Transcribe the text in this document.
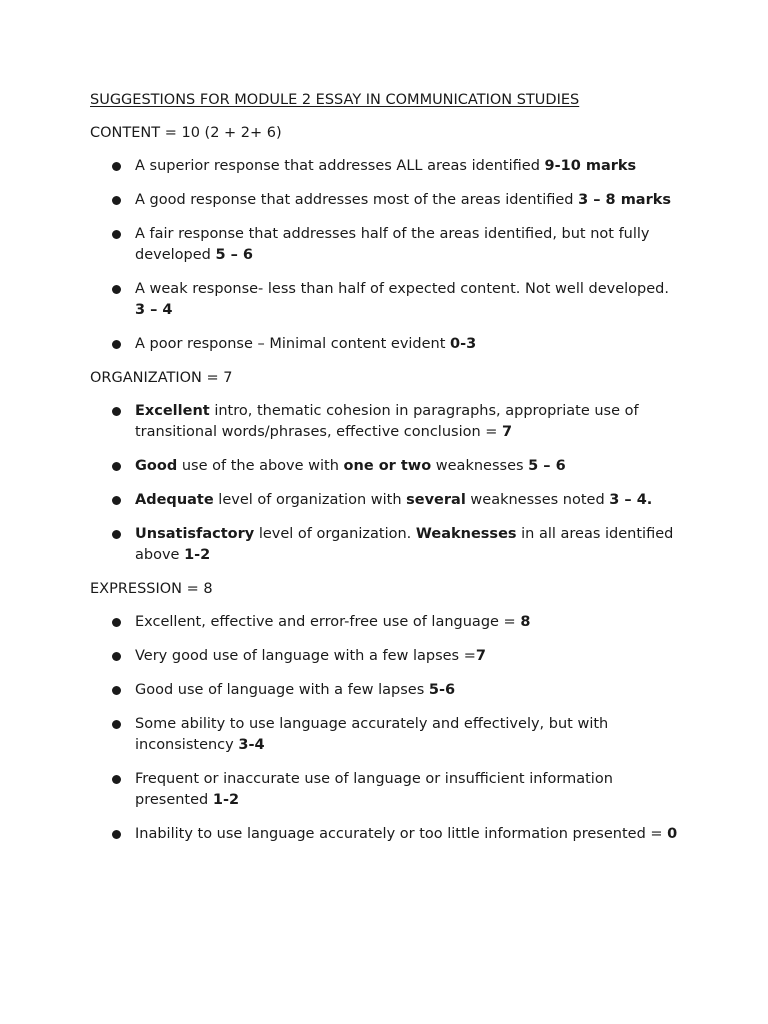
SUGGESTIONS FOR MODULE 2 ESSAY IN COMMUNICATION STUDIES
CONTENT = 10 (2 + 2+ 6)
A superior response that addresses ALL areas identified 9-10 marks
A good response that addresses most of the areas identified 3 – 8 marks
A fair response that addresses half of the areas identified, but not fully developed 5 – 6
A weak response- less than half of expected content. Not well developed. 3 – 4
A poor response – Minimal content evident 0-3
ORGANIZATION = 7
Excellent intro, thematic cohesion in paragraphs, appropriate use of transitional words/phrases, effective conclusion = 7
Good use of the above with one or two weaknesses 5 – 6
Adequate level of organization with several weaknesses noted 3 – 4.
Unsatisfactory level of organization. Weaknesses in all areas identified above 1-2
EXPRESSION = 8
Excellent, effective and error-free use of language = 8
Very good use of language with a few lapses =7
Good use of language with a few lapses 5-6
Some ability to use language accurately and effectively, but with inconsistency 3-4
Frequent or inaccurate use of language or insufficient information presented 1-2
Inability to use language accurately or too little information presented = 0
